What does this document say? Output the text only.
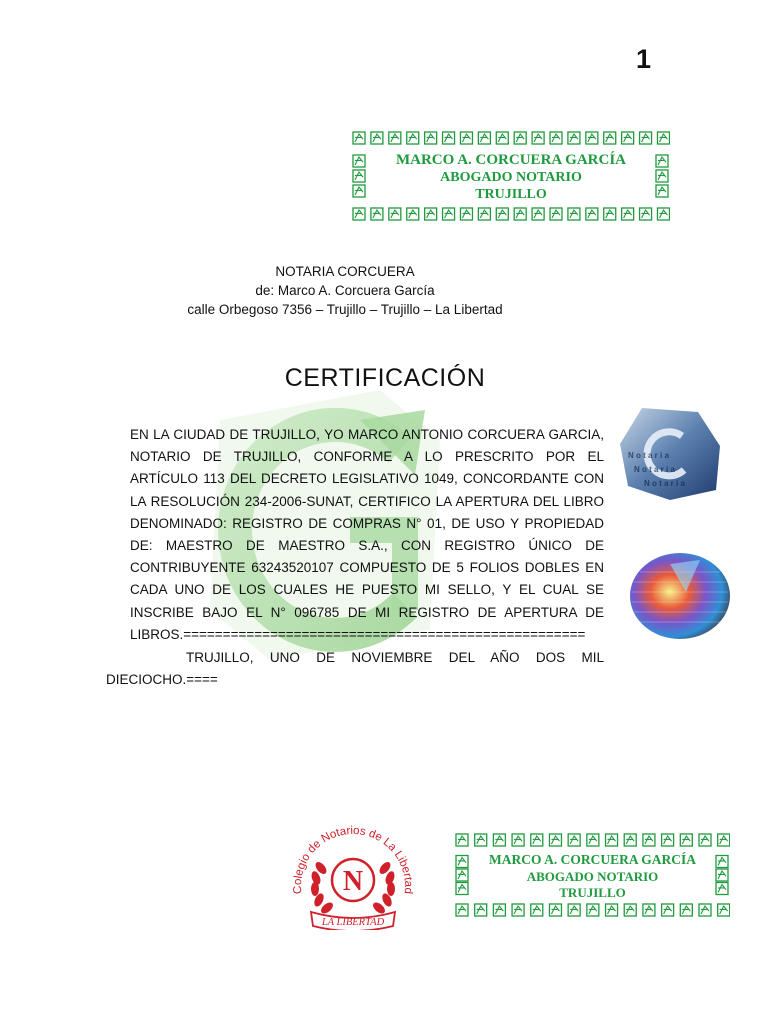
1
MARCO A. CORCUERA GARCÍA
ABOGADO NOTARIO
TRUJILLO
NOTARIA CORCUERA
de: Marco A. Corcuera García
calle Orbegoso 7356 – Trujillo – Trujillo – La Libertad
CERTIFICACIÓN
EN LA CIUDAD DE TRUJILLO, YO MARCO ANTONIO CORCUERA GARCIA, NOTARIO DE TRUJILLO, CONFORME A LO PRESCRITO POR EL ARTÍCULO 113 DEL DECRETO LEGISLATIVO 1049, CONCORDANTE CON LA RESOLUCIÓN 234-2006-SUNAT, CERTIFICO LA APERTURA DEL LIBRO DENOMINADO: REGISTRO DE COMPRAS N° 01, DE USO Y PROPIEDAD DE: MAESTRO DE MAESTRO S.A., CON REGISTRO ÚNICO DE CONTRIBUYENTE 63243520107 COMPUESTO DE 5 FOLIOS DOBLES EN CADA UNO DE LOS CUALES HE PUESTO MI SELLO, Y EL CUAL SE INSCRIBE BAJO EL N° 096785 DE MI REGISTRO DE APERTURA DE LIBROS.===================================================
TRUJILLO, UNO DE NOVIEMBRE DEL AÑO DOS MIL DIECIOCHO.====
N o t a r i a
N o t a r i a
N o t a r i a
Colegio de Notarios de La Libertad
N
LA LIBERTAD
MARCO A. CORCUERA GARCÍA
ABOGADO NOTARIO
TRUJILLO
